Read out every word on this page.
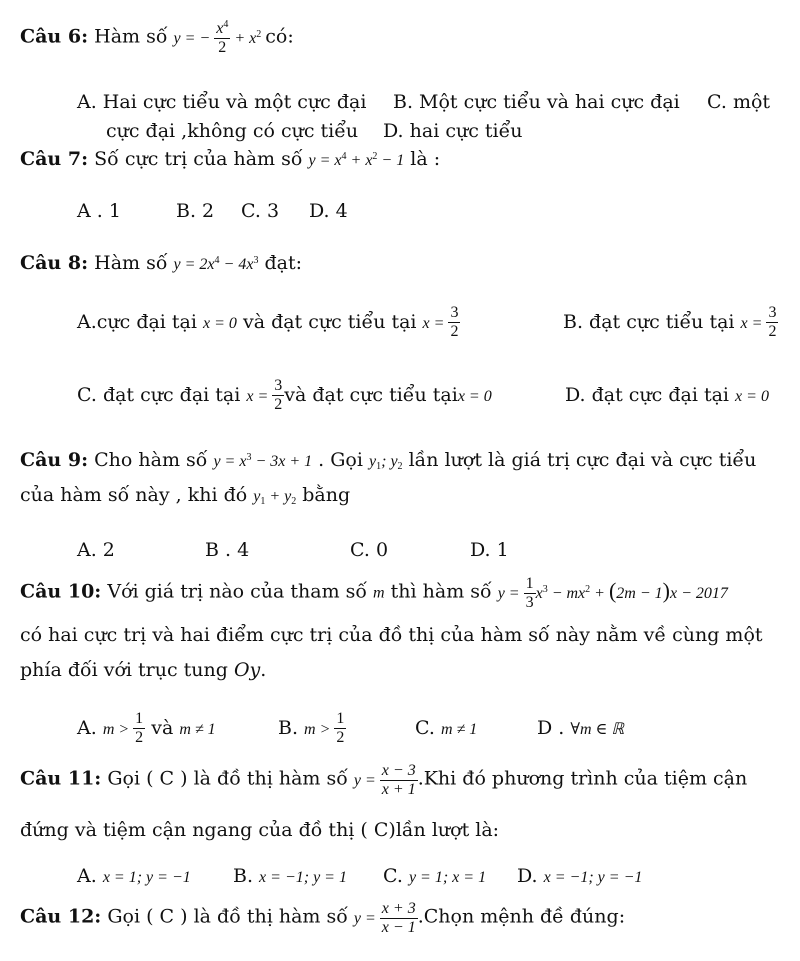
Câu 6: Hàm số y = − $\frac{x^4}{2} + x^2$ có:
A. Hai cực tiểu và một cực đại B. Một cực tiểu và hai cực đại C. một
cực đại ,không có cực tiểu D. hai cực tiểu
Câu 7: Số cực trị của hàm số $y = x^4 + x^2 - 1$ là :
A . 1	B. 2 C. 3 D. 4
Câu 8: Hàm số $y = 2x^4 - 4x^3$ đạt:
A.cực đại tại x = 0 và đạt cực tiểu tại $x = \frac{3}{2}$	B. đạt cực tiểu tại $x = \frac{3}{2}$
C. đạt cực đại tại $x = \frac{3}{2}$ và đạt cực tiểu tạix = 0	D. đạt cực đại tại x = 0
Câu 9: Cho hàm số $y = x^3 - 3x + 1$ . Gọi $y_1$; $y_2$ lần lượt là giá trị cực đại và cực tiểu
của hàm số này , khi đó $y_1 + y_2$ bằng
A. 2	B . 4	C. 0	D. 1
Câu 10: Với giá trị nào của tham số m thì hàm số $y = \frac{1}{3} x^3 - mx^2 + (2m - 1)x - 2017$
có hai cực trị và hai điểm cực trị của đồ thị của hàm số này nằm về cùng một
phía đối với trục tung Oy.
A. $m > \frac{1}{2}$ và m ≠ 1	B. $m > \frac{1}{2}$	C. m ≠ 1	D . ∀m ∈ ℝ
Câu 11: Gọi ( C ) là đồ thị hàm số $y = \frac{x - 3}{x + 1} .Khi$ đó phương trình của tiệm cận
đứng và tiệm cận ngang của đồ thị ( C)lần lượt là:
A. x = 1; y = −1 B. x = −1; y = 1 C. y = 1; x = 1 D. x = −1; y = −1
Câu 12: Gọi ( C ) là đồ thị hàm số $y = \frac{x + 3}{x - 1}$ .Chọn mệnh đề đúng:
